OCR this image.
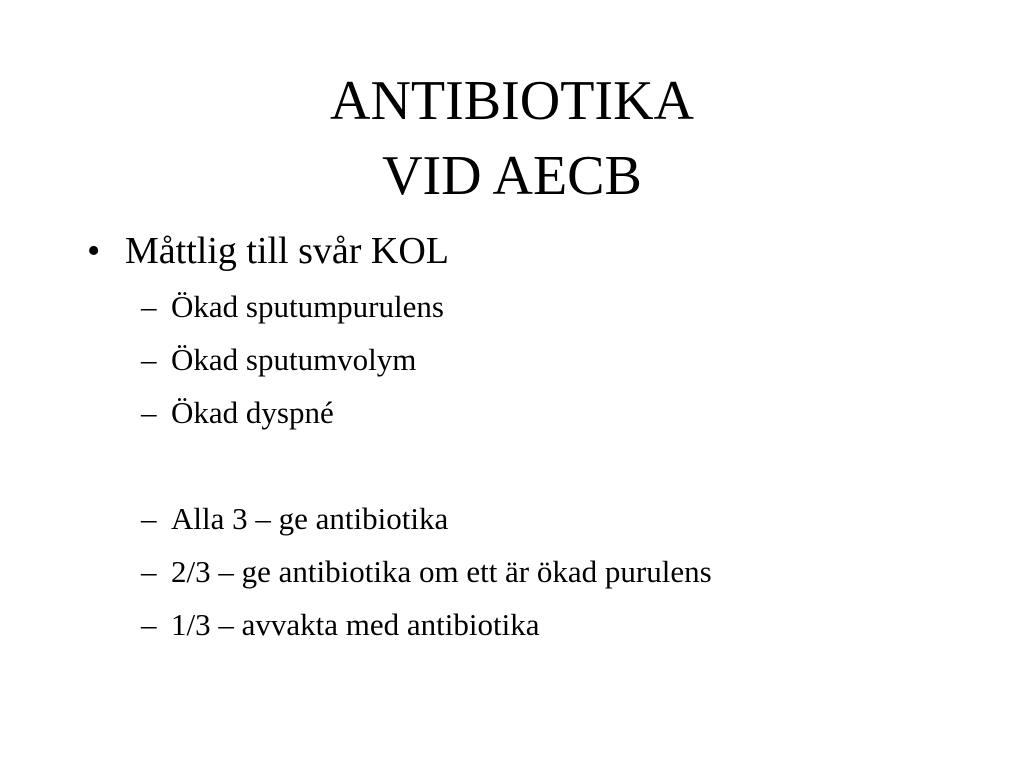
ANTIBIOTIKA
VID AECB
• Måttlig till svår KOL
– Ökad sputumpurulens
– Ökad sputumvolym
– Ökad dyspné
– Alla 3 – ge antibiotika
– 2/3 – ge antibiotika om ett är ökad purulens
– 1/3 – avvakta med antibiotika
